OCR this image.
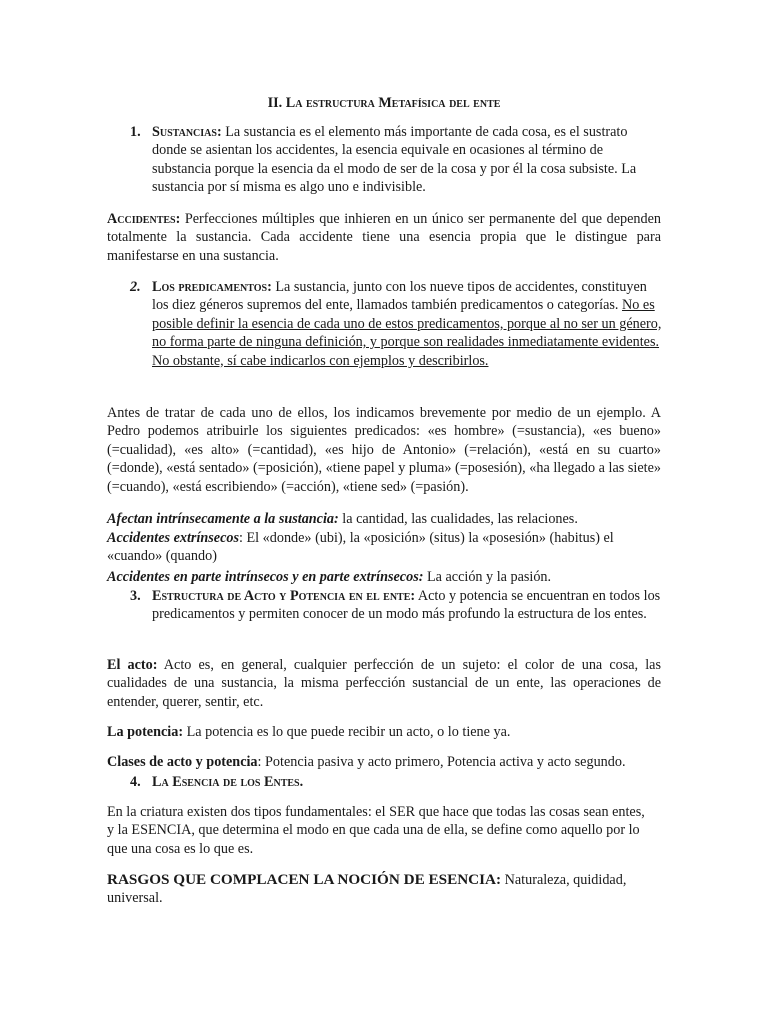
II. La estructura Metafísica del ente
1. Sustancias: La sustancia es el elemento más importante de cada cosa, es el sustrato donde se asientan los accidentes, la esencia equivale en ocasiones al término de substancia porque la esencia da el modo de ser de la cosa y por él la cosa subsiste. La sustancia por sí misma es algo uno e indivisible.

Accidentes: Perfecciones múltiples que inhieren en un único ser permanente del que dependen totalmente la sustancia. Cada accidente tiene una esencia propia que le distingue para manifestarse en una sustancia.

2. Los predicamentos: La sustancia, junto con los nueve tipos de accidentes, constituyen los diez géneros supremos del ente, llamados también predicamentos o categorías. No es posible definir la esencia de cada uno de estos predicamentos, porque al no ser un género, no forma parte de ninguna definición, y porque son realidades inmediatamente evidentes. No obstante, sí cabe indicarlos con ejemplos y describirlos.

Antes de tratar de cada uno de ellos, los indicamos brevemente por medio de un ejemplo. A Pedro podemos atribuirle los siguientes predicados: «es hombre» (=sustancia), «es bueno» (=cualidad), «es alto» (=cantidad), «es hijo de Antonio» (=relación), «está en su cuarto» (=donde), «está sentado» (=posición), «tiene papel y pluma» (=posesión), «ha llegado a las siete» (=cuando), «está escribiendo» (=acción), «tiene sed» (=pasión).

Afectan intrínsecamente a la sustancia: la cantidad, las cualidades, las relaciones.

Accidentes extrínsecos: El «donde» (ubi), la «posición» (situs) la «posesión» (habitus) el «cuando» (quando)

Accidentes en parte intrínsecos y en parte extrínsecos: La acción y la pasión.

3. Estructura de Acto y Potencia en el ente: Acto y potencia se encuentran en todos los predicamentos y permiten conocer de un modo más profundo la estructura de los entes.

El acto: Acto es, en general, cualquier perfección de un sujeto: el color de una cosa, las cualidades de una sustancia, la misma perfección sustancial de un ente, las operaciones de entender, querer, sentir, etc.

La potencia: La potencia es lo que puede recibir un acto, o lo tiene ya.

Clases de acto y potencia: Potencia pasiva y acto primero, Potencia activa y acto segundo.

4. La Esencia de los Entes.

En la criatura existen dos tipos fundamentales: el SER que hace que todas las cosas sean entes, y la ESENCIA, que determina el modo en que cada una de ella, se define como aquello por lo que una cosa es lo que es.

RASGOS QUE COMPLACEN LA NOCIÓN DE ESENCIA: Naturaleza, quididad, universal.
